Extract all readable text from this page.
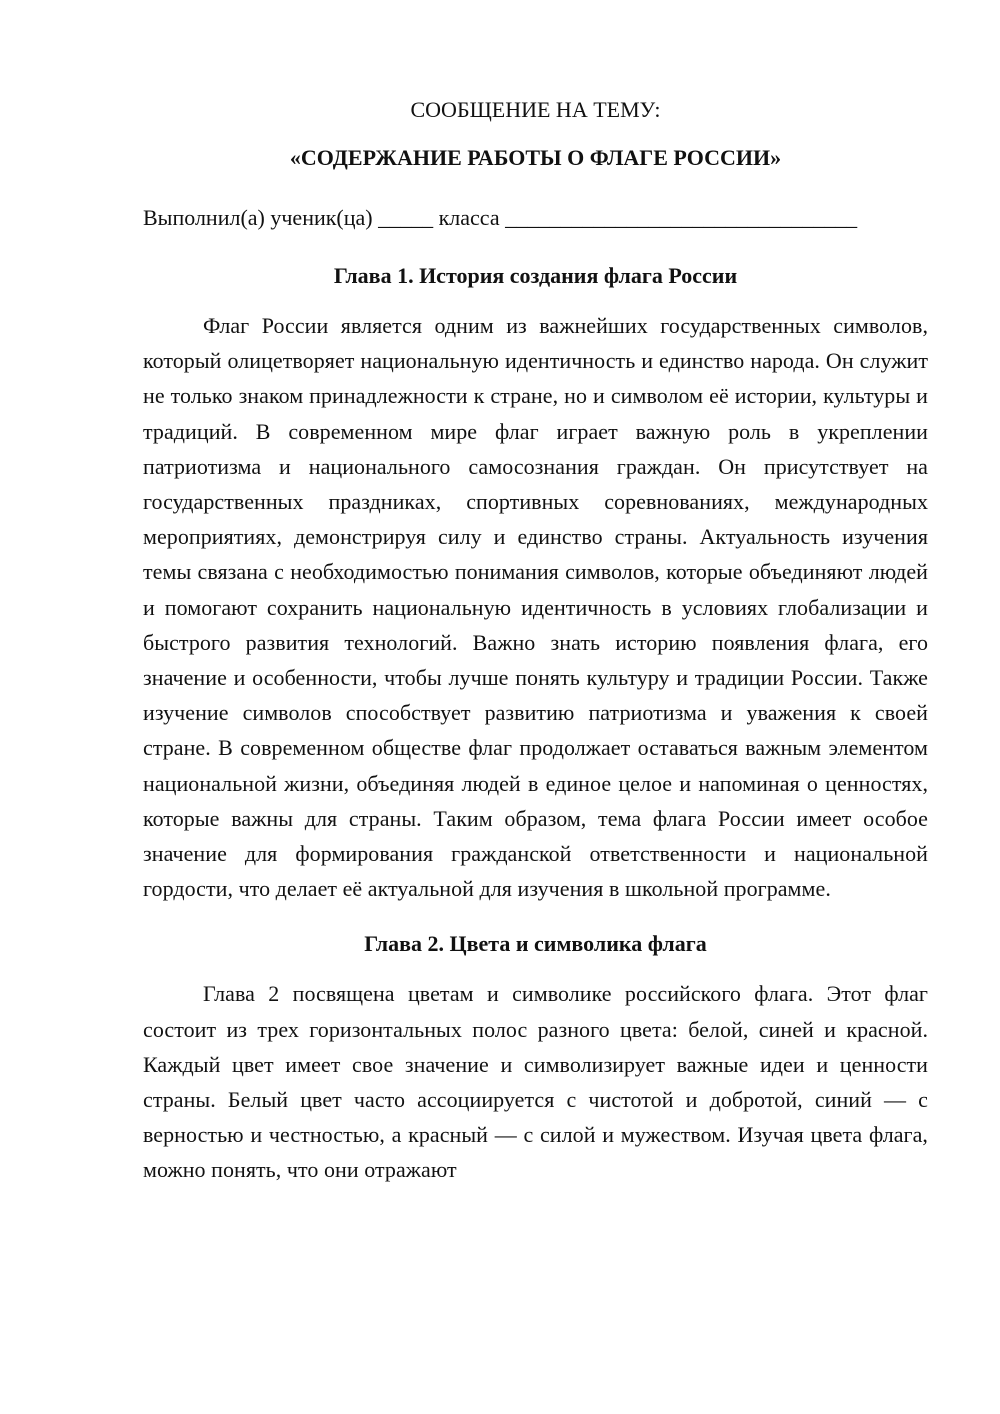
СООБЩЕНИЕ НА ТЕМУ:

«СОДЕРЖАНИЕ РАБОТЫ О ФЛАГЕ РОССИИ»

Выполнил(а) ученик(ца) _____ класса ________________________________

Глава 1. История создания флага России

Флаг России является одним из важнейших государственных символов, который олицетворяет национальную идентичность и единство народа. Он служит не только знаком принадлежности к стране, но и символом её истории, культуры и традиций. В современном мире флаг играет важную роль в укреплении патриотизма и национального самосознания граждан. Он присутствует на государственных праздниках, спортивных соревнованиях, международных мероприятиях, демонстрируя силу и единство страны. Актуальность изучения темы связана с необходимостью понимания символов, которые объединяют людей и помогают сохранить национальную идентичность в условиях глобализации и быстрого развития технологий. Важно знать историю появления флага, его значение и особенности, чтобы лучше понять культуру и традиции России. Также изучение символов способствует развитию патриотизма и уважения к своей стране. В современном обществе флаг продолжает оставаться важным элементом национальной жизни, объединяя людей в единое целое и напоминая о ценностях, которые важны для страны. Таким образом, тема флага России имеет особое значение для формирования гражданской ответственности и национальной гордости, что делает её актуальной для изучения в школьной программе.

Глава 2. Цвета и символика флага

Глава 2 посвящена цветам и символике российского флага. Этот флаг состоит из трех горизонтальных полос разного цвета: белой, синей и красной. Каждый цвет имеет свое значение и символизирует важные идеи и ценности страны. Белый цвет часто ассоциируется с чистотой и добротой, синий — с верностью и честностью, а красный — с силой и мужеством. Изучая цвета флага, можно понять, что они отражают
